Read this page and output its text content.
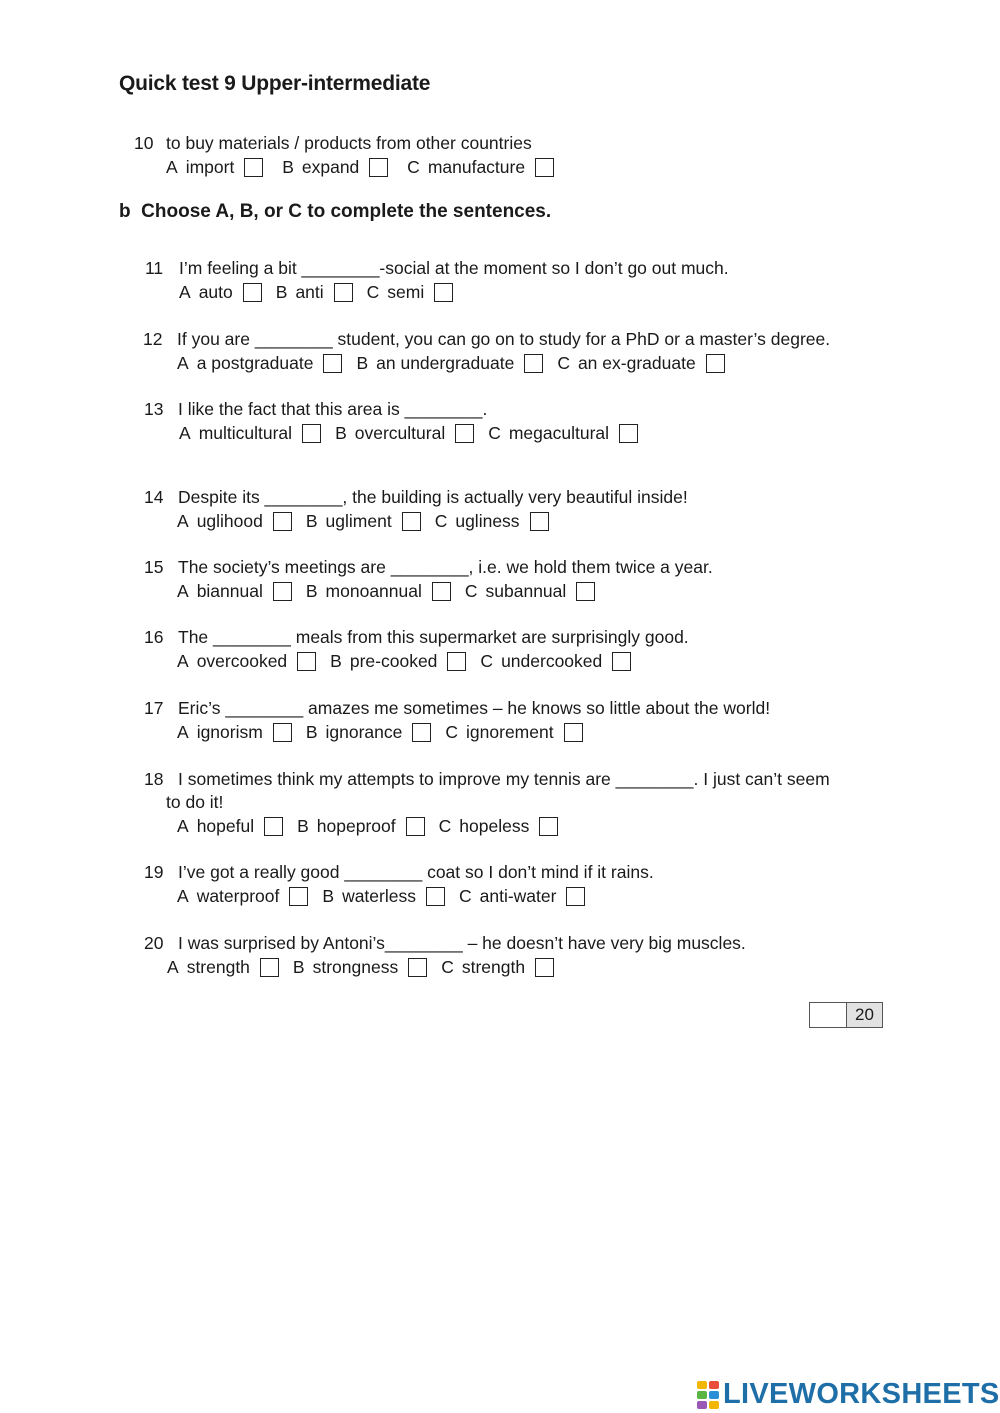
Quick test 9 Upper-intermediate
10 to buy materials / products from other countries
A import	B expand	C manufacture
b  Choose A, B, or C to complete the sentences.
11 I’m feeling a bit ________-social at the moment so I don’t go out much.
A auto B anti C semi
12 If you are ________ student, you can go on to study for a PhD or a master’s degree.
A a postgraduate B an undergraduate C an ex-graduate
13 I like the fact that this area is ________.
A multicultural B overcultural C megacultural
14 Despite its ________, the building is actually very beautiful inside!
A uglihood B ugliment C ugliness
15 The society’s meetings are ________, i.e. we hold them twice a year.
A biannual B monoannual C subannual
16 The ________ meals from this supermarket are surprisingly good.
A overcooked B pre-cooked C undercooked
17 Eric’s ________ amazes me sometimes – he knows so little about the world!
A ignorism B ignorance C ignorement
18 I sometimes think my attempts to improve my tennis are ________. I just can’t seem
to do it!
A hopeful B hopeproof C hopeless
19 I’ve got a really good ________ coat so I don’t mind if it rains.
A waterproof B waterless C anti-water
20 I was surprised by Antoni’s________ – he doesn’t have very big muscles.
A strength B strongness C strength
20
LIVEWORKSHEETS
